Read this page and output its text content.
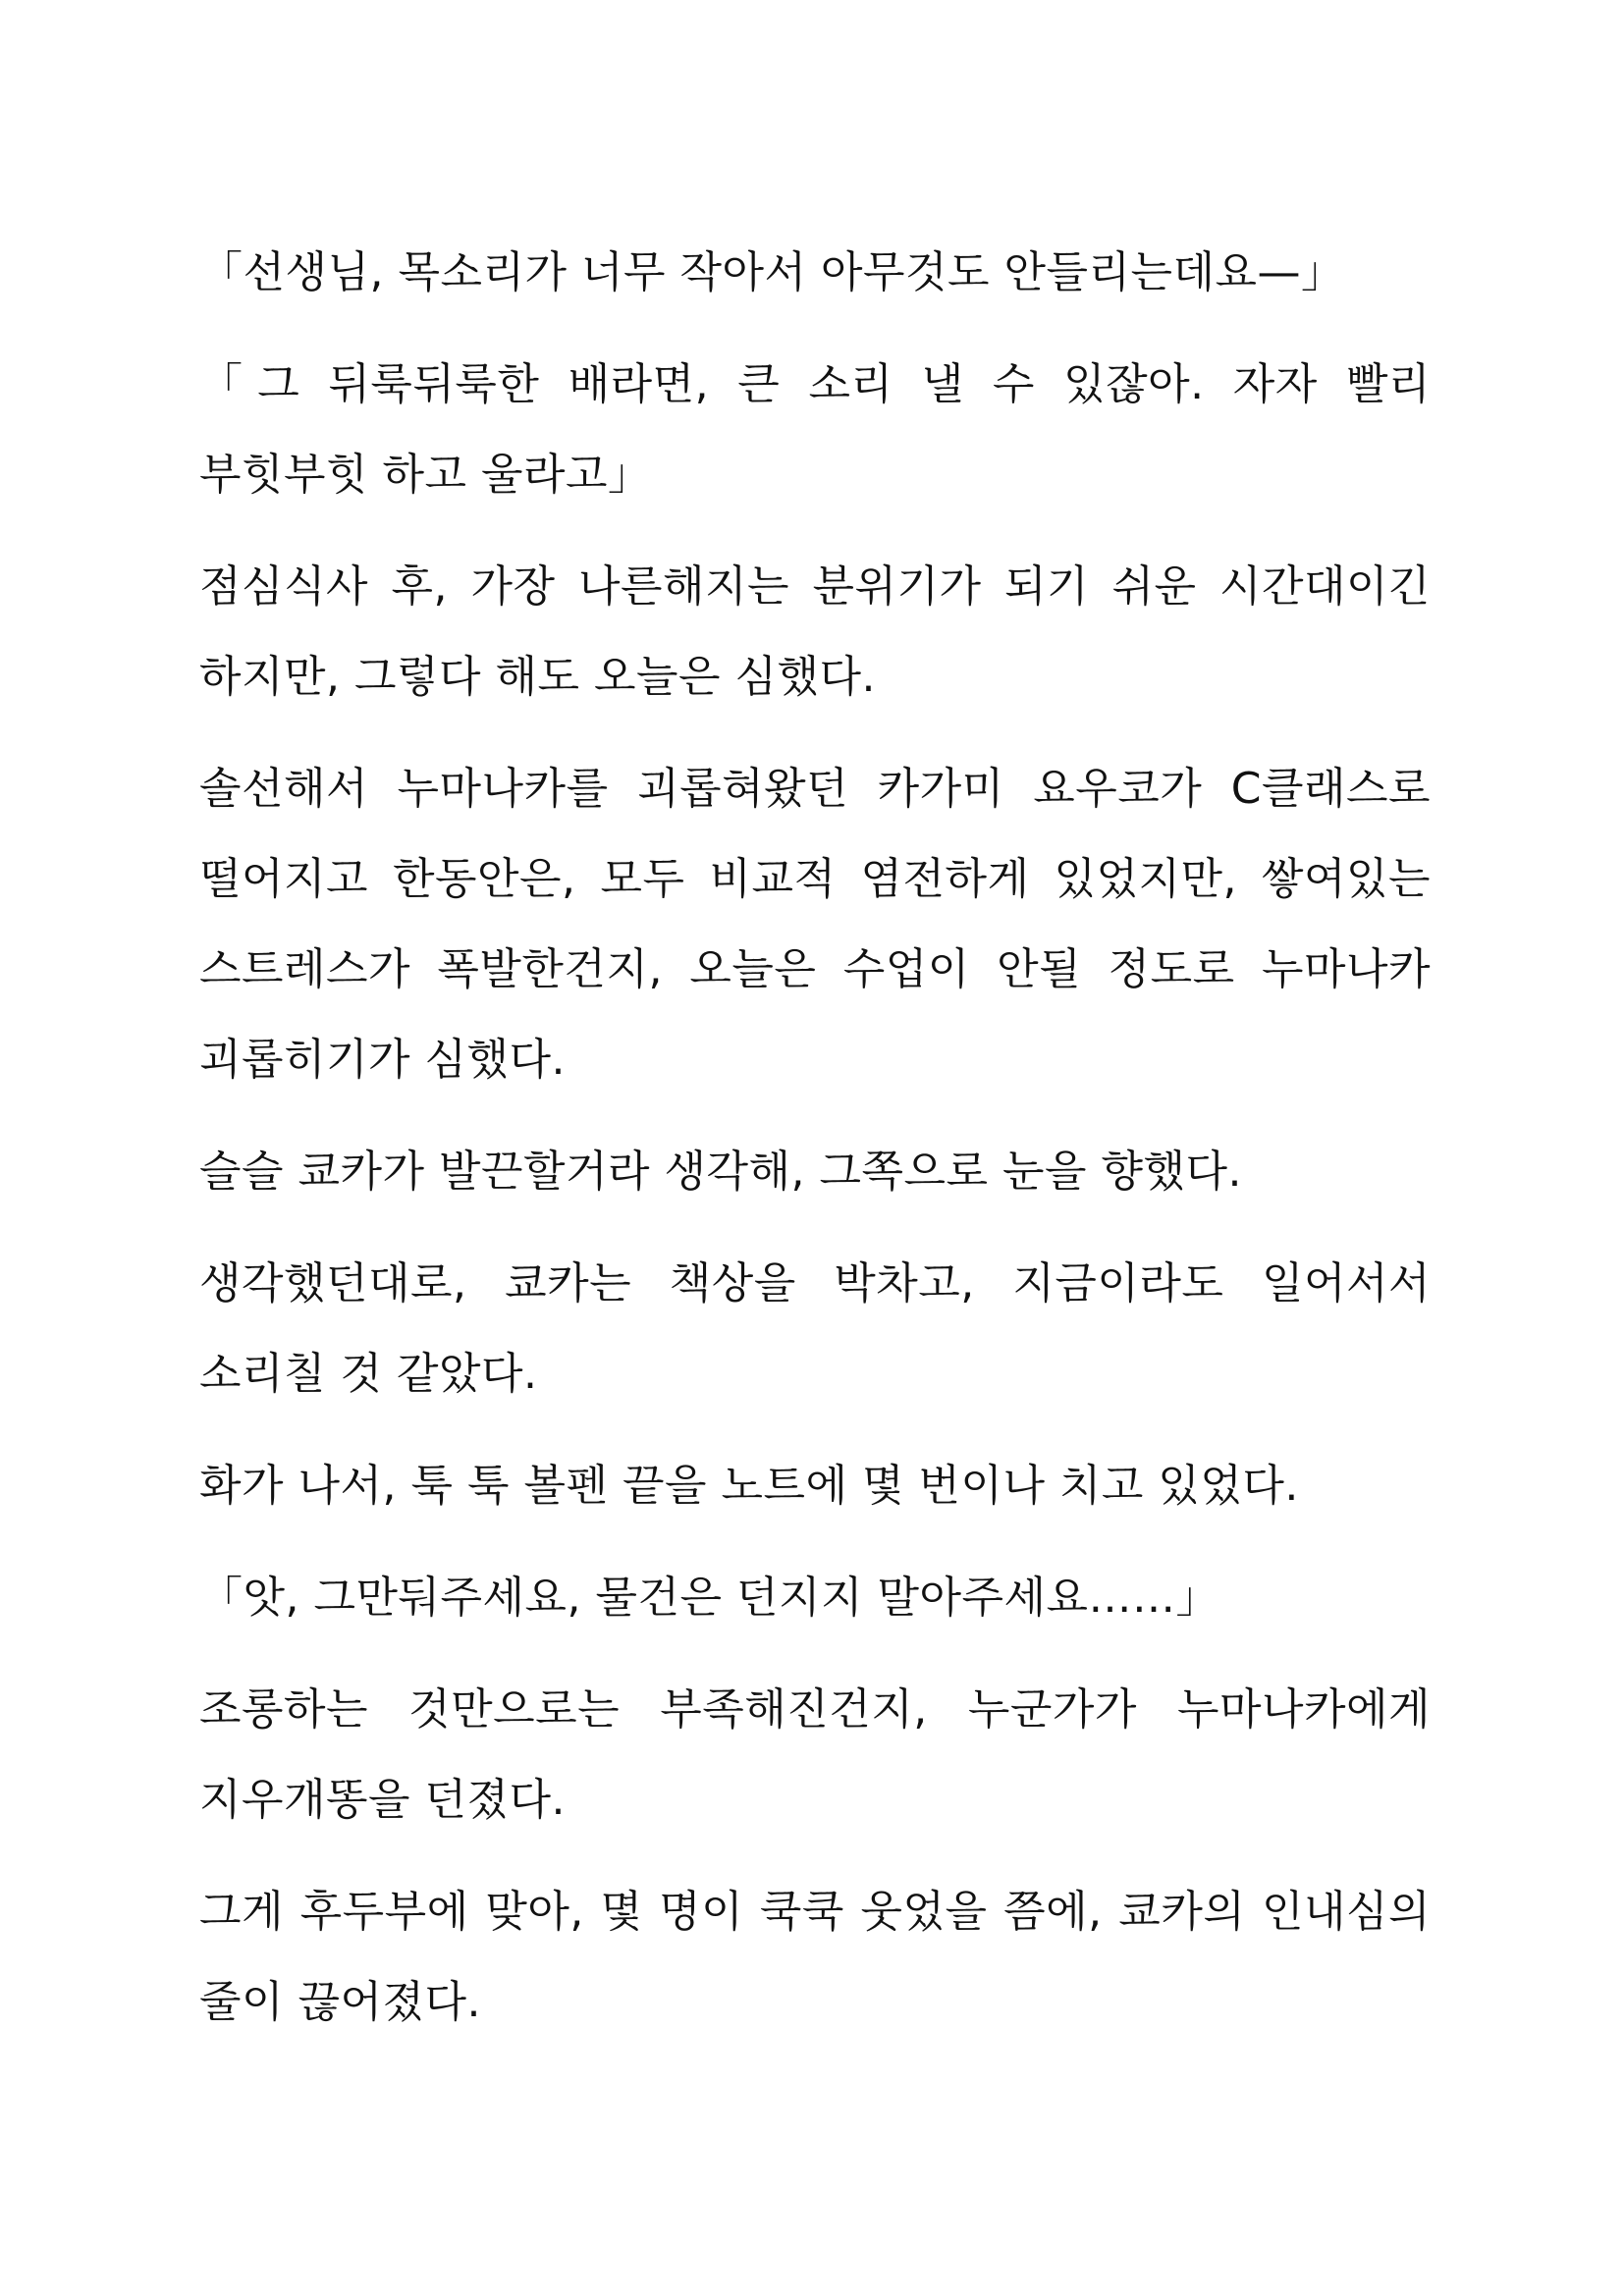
「선생님, 목소리가 너무 작아서 아무것도 안들리는데요—」

「그 뒤룩뒤룩한 배라면, 큰 소리 낼 수 있잖아. 자자 빨리 부힛부힛 하고 울라고」

점심식사 후, 가장 나른해지는 분위기가 되기 쉬운 시간대이긴 하지만, 그렇다 해도 오늘은 심했다.

솔선해서 누마나카를 괴롭혀왔던 카가미 요우코가 C클래스로 떨어지고 한동안은, 모두 비교적 염전하게 있었지만, 쌓여있는 스트레스가 폭발한건지, 오늘은 수업이 안될 정도로 누마나카 괴롭히기가 심했다.

슬슬 쿄카가 발끈할거라 생각해, 그쪽으로 눈을 향했다.

생각했던대로, 쿄카는 책상을 박차고, 지금이라도 일어서서 소리칠 것 같았다.

화가 나서, 툭 툭 볼펜 끝을 노트에 몇 번이나 치고 있었다.

「앗, 그만둬주세요, 물건은 던지지 말아주세요……」

조롱하는 것만으로는 부족해진건지, 누군가가 누마나카에게 지우개똥을 던졌다.

그게 후두부에 맞아, 몇 명이 쿡쿡 웃었을 쯤에, 쿄카의 인내심의 줄이 끊어졌다.
